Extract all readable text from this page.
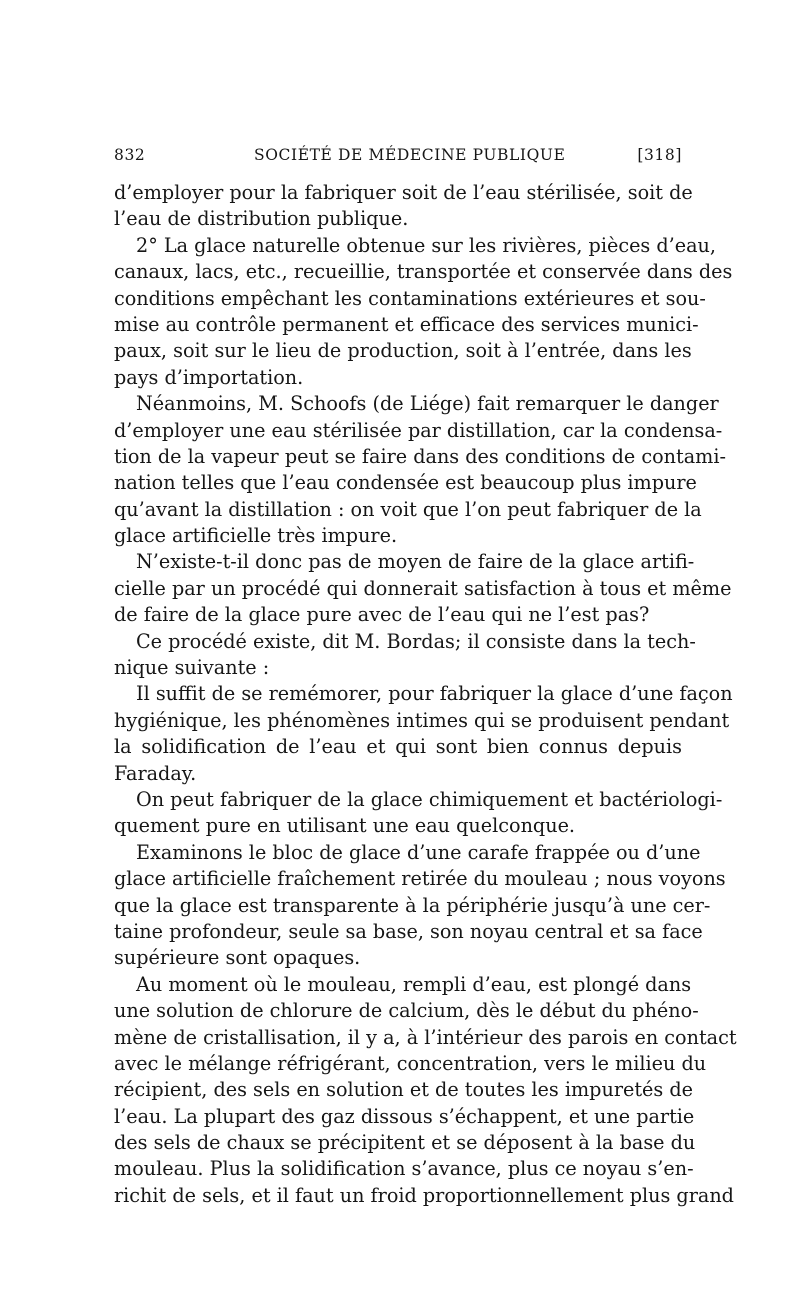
832	SOCIÉTÉ DE MÉDECINE PUBLIQUE	[318]
d’employer pour la fabriquer soit de l’eau stérilisée, soit de
l’eau de distribution publique.
2° La glace naturelle obtenue sur les rivières, pièces d’eau,
canaux, lacs, etc., recueillie, transportée et conservée dans des
conditions empêchant les contaminations extérieures et sou-
mise au contrôle permanent et efficace des services munici-
paux, soit sur le lieu de production, soit à l’entrée, dans les
pays d’importation.
Néanmoins, M. Schoofs (de Liége) fait remarquer le danger
d’employer une eau stérilisée par distillation, car la condensa-
tion de la vapeur peut se faire dans des conditions de contami-
nation telles que l’eau condensée est beaucoup plus impure
qu’avant la distillation : on voit que l’on peut fabriquer de la
glace artificielle très impure.
N’existe-t-il donc pas de moyen de faire de la glace artifi-
cielle par un procédé qui donnerait satisfaction à tous et même
de faire de la glace pure avec de l’eau qui ne l’est pas?
Ce procédé existe, dit M. Bordas; il consiste dans la tech-
nique suivante :
Il suffit de se remémorer, pour fabriquer la glace d’une façon
hygiénique, les phénomènes intimes qui se produisent pendant
la solidification de l’eau et qui sont bien connus depuis
Faraday.
On peut fabriquer de la glace chimiquement et bactériologi-
quement pure en utilisant une eau quelconque.
Examinons le bloc de glace d’une carafe frappée ou d’une
glace artificielle fraîchement retirée du mouleau ; nous voyons
que la glace est transparente à la périphérie jusqu’à une cer-
taine profondeur, seule sa base, son noyau central et sa face
supérieure sont opaques.
Au moment où le mouleau, rempli d’eau, est plongé dans
une solution de chlorure de calcium, dès le début du phéno-
mène de cristallisation, il y a, à l’intérieur des parois en contact
avec le mélange réfrigérant, concentration, vers le milieu du
récipient, des sels en solution et de toutes les impuretés de
l’eau. La plupart des gaz dissous s’échappent, et une partie
des sels de chaux se précipitent et se déposent à la base du
mouleau. Plus la solidification s’avance, plus ce noyau s’en-
richit de sels, et il faut un froid proportionnellement plus grand
